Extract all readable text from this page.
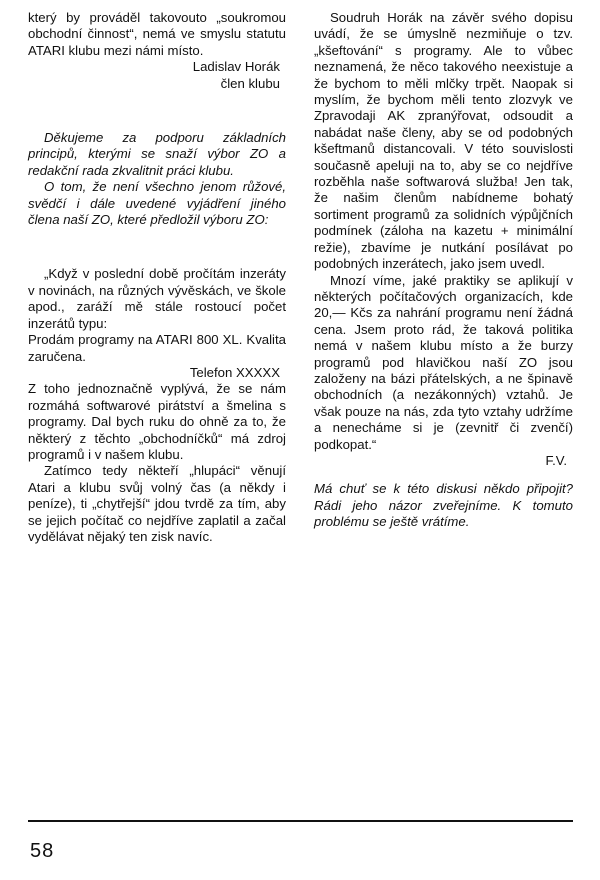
který by prováděl takovouto „soukromou obchodní činnost“, nemá ve smyslu statutu ATARI klubu mezi námi místo.

Ladislav Horák
člen klubu

Děkujeme za podporu základních principů, kterými se snaží výbor ZO a redakční rada zkvalitnit práci klubu.

O tom, že není všechno jenom růžové, svědčí i dále uvedené vyjádření jiného člena naší ZO, které předložil výboru ZO:

„Když v poslední době pročítám inzeráty v novinách, na různých vývěskách, ve škole apod., zaráží mě stále rostoucí počet inzerátů typu:

Prodám programy na ATARI 800 XL. Kvalita zaručena.

Telefon XXXXX

Z toho jednoznačně vyplývá, že se nám rozmáhá softwarové pirátství a šmelina s programy. Dal bych ruku do ohně za to, že některý z těchto „obchodníčků“ má zdroj programů i v našem klubu.

Zatímco tedy někteří „hlupáci“ věnují Atari a klubu svůj volný čas (a někdy i peníze), ti „chytřejší“ jdou tvrdě za tím, aby se jejich počítač co nejdříve zaplatil a začal vydělávat nějaký ten zisk navíc.

Soudruh Horák na závěr svého dopisu uvádí, že se úmyslně nezmiňuje o tzv. „kšeftování“ s programy. Ale to vůbec neznamená, že něco takového neexistuje a že bychom to měli mlčky trpět. Naopak si myslím, že bychom měli tento zlozvyk ve Zpravodaji AK zpranýřovat, odsoudit a nabádat naše členy, aby se od podobných kšeftmanů distancovali. V této souvislosti současně apeluji na to, aby se co nejdříve rozběhla naše softwarová služba! Jen tak, že našim členům nabídneme bohatý sortiment programů za solidních výpůjčních podmínek (záloha na kazetu + minimální režie), zbavíme je nutkání posílávat po podobných inzerátech, jako jsem uvedl.

Mnozí víme, jaké praktiky se aplikují v některých počítačových organizacích, kde 20,— Kčs za nahrání programu není žádná cena. Jsem proto rád, že taková politika nemá v našem klubu místo a že burzy programů pod hlavičkou naší ZO jsou založeny na bázi přátelských, a ne špinavě obchodních (a nezákonných) vztahů. Je však pouze na nás, zda tyto vztahy udržíme a nenecháme si je (zevnitř či zvenčí) podkopat.“

F.V.

Má chuť se k této diskusi někdo připojit? Rádi jeho názor zveřejníme. K tomuto problému se ještě vrátíme.

58
